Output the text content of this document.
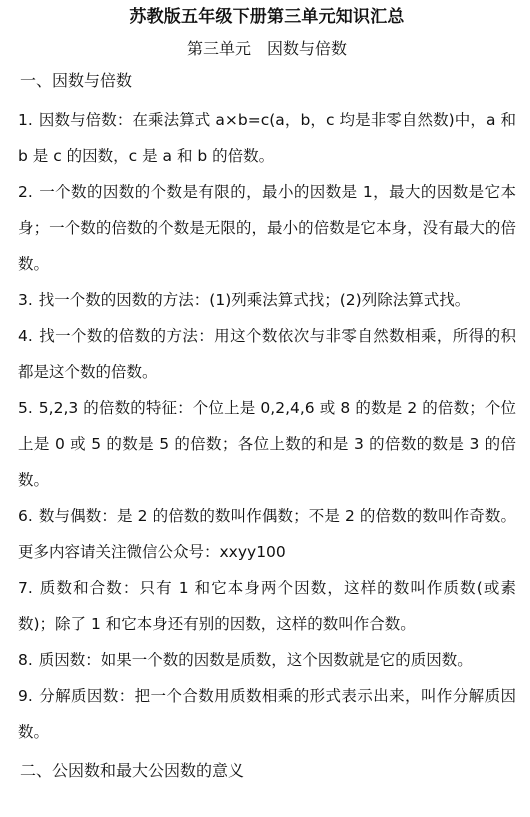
苏教版五年级下册第三单元知识汇总
第三单元　因数与倍数
一、因数与倍数

1. 因数与倍数：在乘法算式 a×b=c(a，b，c 均是非零自然数)中，a 和 b 是 c 的因数，c 是 a 和 b 的倍数。

2. 一个数的因数的个数是有限的，最小的因数是 1，最大的因数是它本身；一个数的倍数的个数是无限的，最小的倍数是它本身，没有最大的倍数。

3. 找一个数的因数的方法：(1)列乘法算式找；(2)列除法算式找。

4. 找一个数的倍数的方法：用这个数依次与非零自然数相乘，所得的积都是这个数的倍数。

5. 5,2,3 的倍数的特征：个位上是 0,2,4,6 或 8 的数是 2 的倍数；个位上是 0 或 5 的数是 5 的倍数；各位上数的和是 3 的倍数的数是 3 的倍数。

6. 数与偶数：是 2 的倍数的数叫作偶数；不是 2 的倍数的数叫作奇数。更多内容请关注微信公众号：xxyy100

7. 质数和合数：只有 1 和它本身两个因数，这样的数叫作质数(或素数)；除了 1 和它本身还有别的因数，这样的数叫作合数。

8. 质因数：如果一个数的因数是质数，这个因数就是它的质因数。

9. 分解质因数：把一个合数用质数相乘的形式表示出来，叫作分解质因数。

二、公因数和最大公因数的意义
